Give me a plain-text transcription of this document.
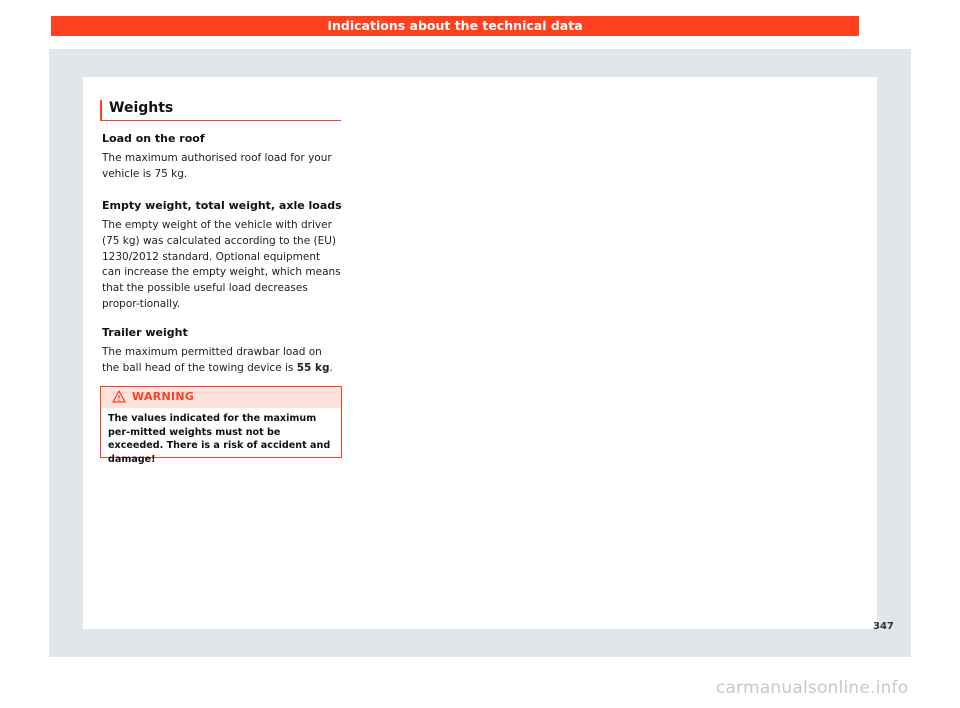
Indications about the technical data
Weights
Load on the roof
The maximum authorised roof load for your vehicle is 75 kg.
Empty weight, total weight, axle loads
The empty weight of the vehicle with driver (75 kg) was calculated according to the (EU) 1230/2012 standard. Optional equipment can increase the empty weight, which means that the possible useful load decreases propor-tionally.
Trailer weight
The maximum permitted drawbar load on the ball head of the towing device is 55 kg.
WARNING
The values indicated for the maximum per-mitted weights must not be exceeded. There is a risk of accident and damage!
347
carmanualsonline.info
